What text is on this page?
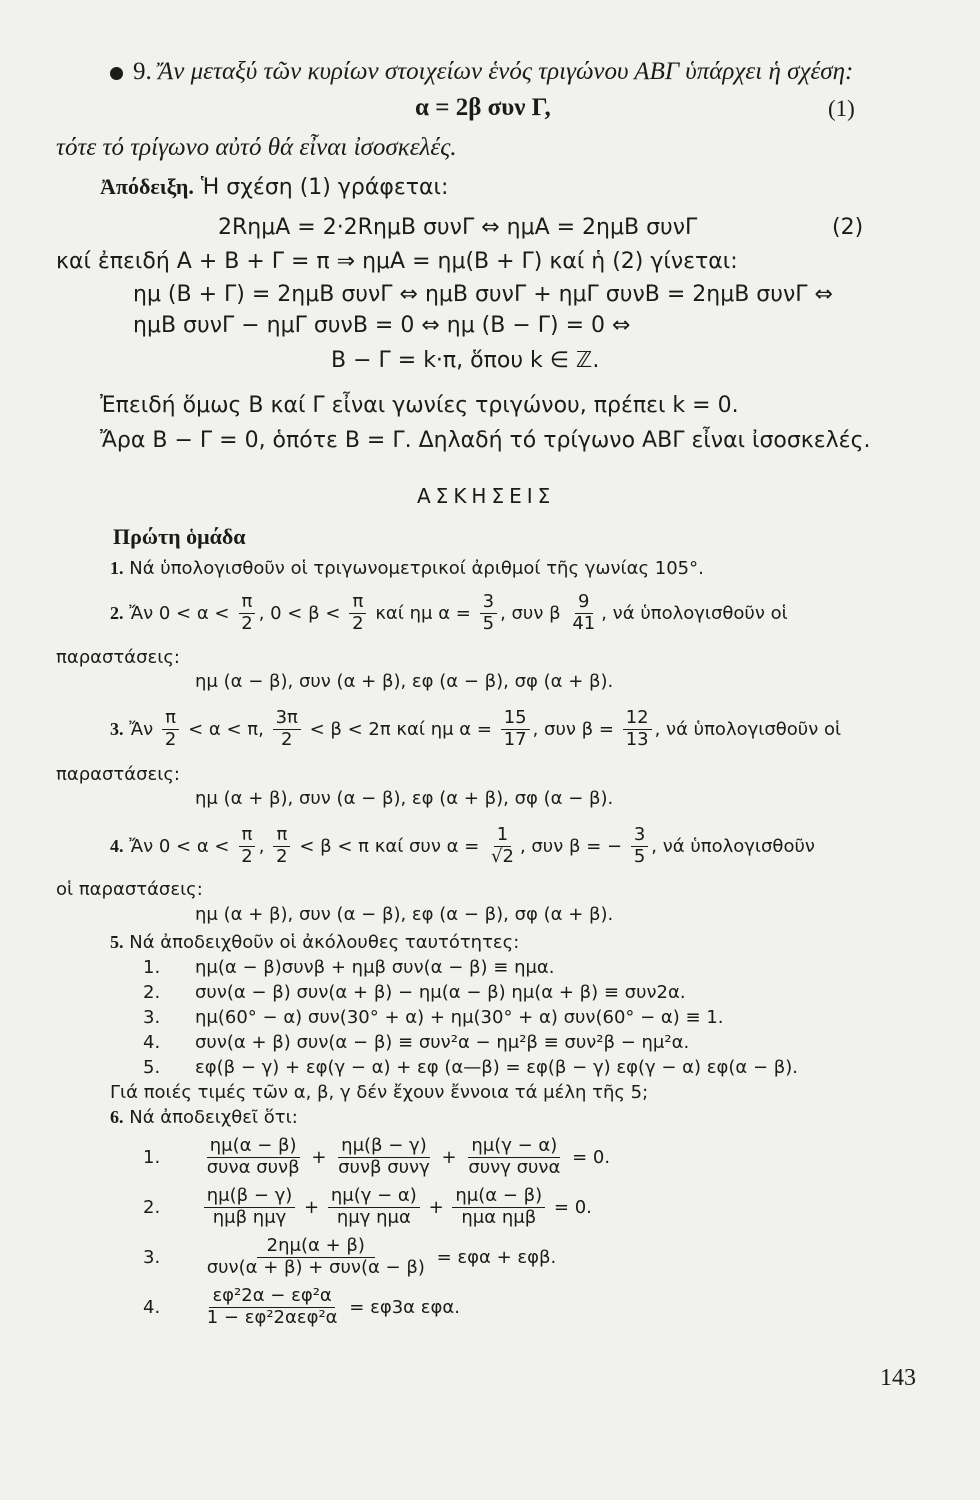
9. Ἄν μεταξύ τῶν κυρίων στοιχείων ἑνός τριγώνου ΑΒΓ ὑπάρχει ἡ σχέση:
α = 2β συν Γ,	(1)
τότε τό τρίγωνο αὐτό θά εἶναι ἰσοσκελές.
Ἀπόδειξη. Ἡ σχέση (1) γράφεται:
2RημA = 2·2RημB συνΓ ⇔ ημA = 2ημB συνΓ	(2)
καί ἐπειδή A + B + Γ = π ⇒ ημA = ημ(B + Γ) καί ἡ (2) γίνεται:
ημ (B + Γ) = 2ημB συνΓ ⇔ ημB συνΓ + ημΓ συνB = 2ημB συνΓ ⇔
ημB συνΓ − ημΓ συνB = 0 ⇔ ημ (B − Γ) = 0 ⇔
B − Γ = k·π, ὅπου k ∈ ℤ.
Ἐπειδή ὅμως B καί Γ εἶναι γωνίες τριγώνου, πρέπει k = 0.
Ἄρα B − Γ = 0, ὁπότε B = Γ. Δηλαδή τό τρίγωνο ΑΒΓ εἶναι ἰσοσκελές.
ΑΣΚΗΣΕΙΣ
Πρώτη ὁμάδα
1. Νά ὑπολογισθοῦν οἱ τριγωνομετρικοί ἀριθμοί τῆς γωνίας 105°.
2. Ἄν $0 < \alpha < \frac{\pi}{2}$ , $0 < \beta < \frac{\pi}{2}$ καί ημ $\alpha = \frac{3}{5}$ , συν β $\frac{9}{41}$ , νά ὑπολογισθοῦν οἱ
παραστάσεις:
ημ (α − β), συν (α + β), εφ (α − β), σφ (α + β).
3. Ἄν $\frac{\pi}{2} < \alpha < \pi$, $\frac{3\pi}{2} < \beta < 2\pi$ καί ημ $\alpha = \frac{15}{17}$ , συν $\beta = \frac{12}{13}$ , νά ὑπολογισθοῦν οἱ
παραστάσεις:
ημ (α + β), συν (α − β), εφ (α + β), σφ (α − β).
4. Ἄν $0 < \alpha < \frac{\pi}{2}$ , $\frac{\pi}{2} < \beta < \pi$ καί συν $\alpha = \frac{1}{√2}$ , συν β = − $\frac{3}{5}$ , νά ὑπολογισθοῦν
οἱ παραστάσεις:
ημ (α + β), συν (α − β), εφ (α − β), σφ (α + β).
5. Νά ἀποδειχθοῦν οἱ ἀκόλουθες ταυτότητες:
1. ημ(α − β)συνβ + ημβ συν(α − β) ≡ ημα.
2. συν(α − β) συν(α + β) − ημ(α − β) ημ(α + β) ≡ συν2α.
3. ημ(60° − α) συν(30° + α) + ημ(30° + α) συν(60° − α) ≡ 1.
4. συν(α + β) συν(α − β) ≡ συν²α − ημ²β ≡ συν²β − ημ²α.
5. εφ(β − γ) + εφ(γ − α) + εφ (α—β) = εφ(β − γ) εφ(γ − α) εφ(α − β).
Γιά ποιές τιμές τῶν α, β, γ δέν ἔχουν ἔννοια τά μέλη τῆς 5;
6. Νά ἀποδειχθεῖ ὅτι:
1. $\frac{\eta\mu(\alpha - \beta)}{\text{συνα συνβ}} + \frac{\eta\mu(\beta - \gamma)}{\text{συνβ συνγ}} + \frac{\eta\mu(\gamma - \alpha)}{\text{συνγ συνα}} = 0$.
2. $\frac{\eta\mu(\beta - \gamma)}{\text{ημβ ημγ}} + \frac{\eta\mu(\gamma - \alpha)}{\text{ημγ ημα}} + \frac{\eta\mu(\alpha - \beta)}{\text{ημα ημβ}} = 0$.
3. $\frac{2\eta\mu(\alpha + \beta)}{\text{συν(α + β) + συν(α − β)}} = \varepsilon\varphi\alpha + \varepsilon\varphi\beta$.
4. $\frac{\text{εφ²2α − εφ²α}}{\text{1 − εφ²2αεφ²α}} = \varepsilon\varphi 3\alpha$ εφα.
143
